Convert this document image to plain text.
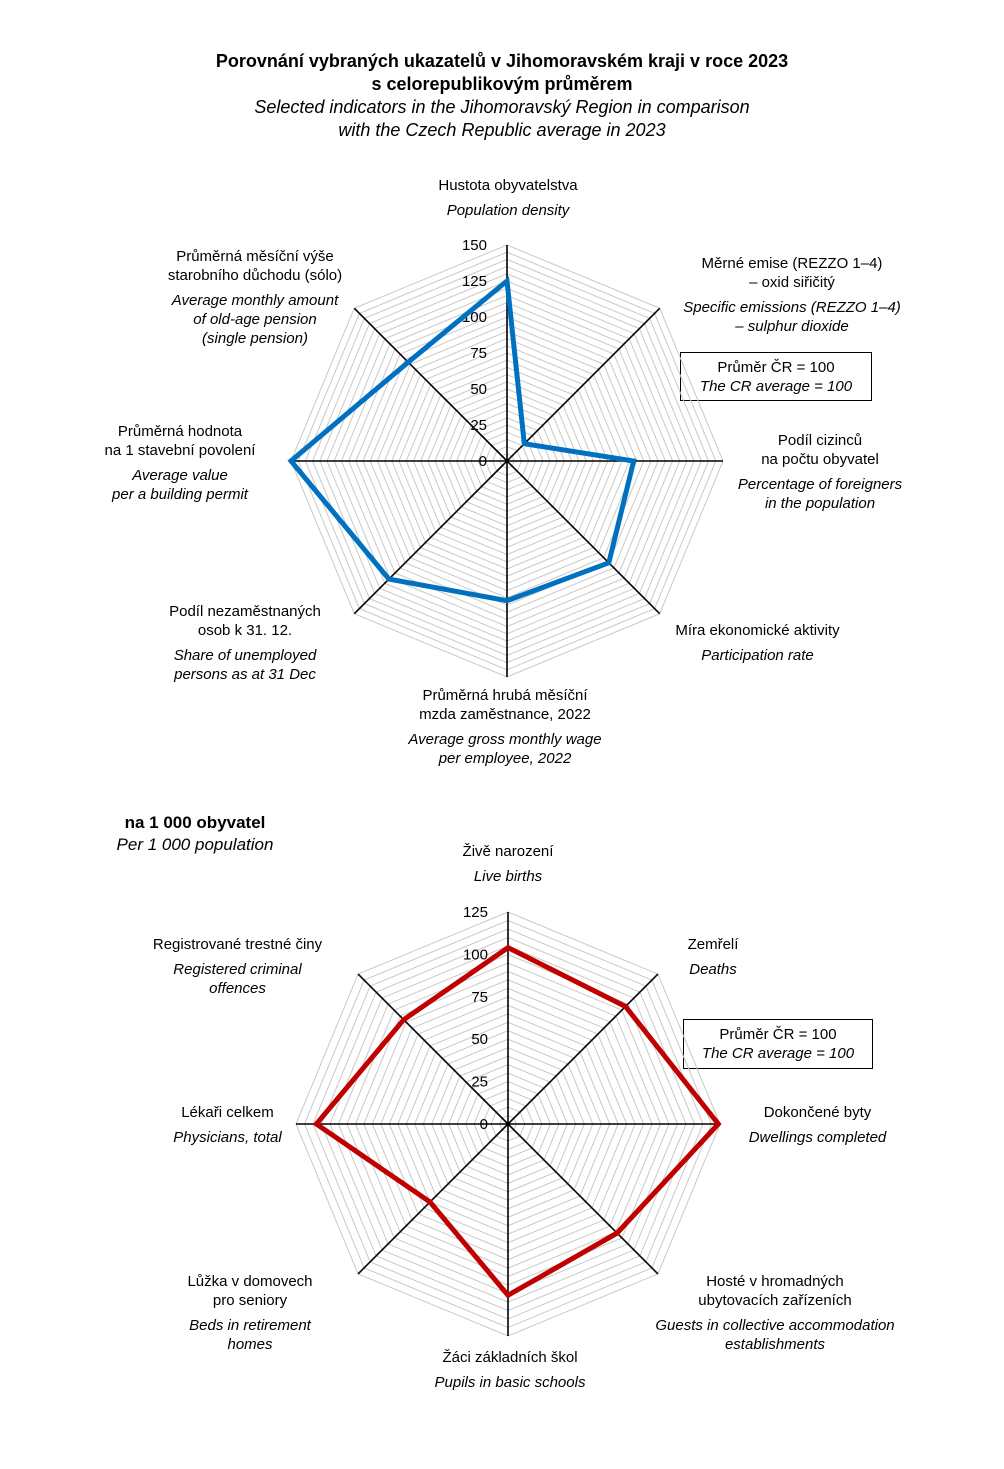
Porovnání vybraných ukazatelů v Jihomoravském kraji v roce 2023
s celorepublikovým průměrem
Selected indicators in the Jihomoravský Region in comparison
with the Czech Republic average in 2023
na 1 000 obyvatel
Per 1 000 population
Průměr ČR = 100
The CR average = 100
Průměr ČR = 100
The CR average = 100
0
25
50
75
100
125
150
0
25
50
75
100
125
Hustota obyvatelstva
Population density
Měrné emise (REZZO 1–4)
– oxid siřičitý
Specific emissions (REZZO 1–4)
– sulphur dioxide
Podíl cizinců
na počtu obyvatel
Percentage of foreigners
in the population
Míra ekonomické aktivity
Participation rate
Průměrná hrubá měsíční
mzda zaměstnance, 2022
Average gross monthly wage
per employee, 2022
Podíl nezaměstnaných
osob k 31. 12.
Share of unemployed
persons as at 31 Dec
Průměrná hodnota
na 1 stavební povolení
Average value
per a building permit
Průměrná měsíční výše
starobního důchodu (sólo)
Average monthly amount
of old-age pension
(single pension)
Živě narození
Live births
Zemřelí
Deaths
Dokončené byty
Dwellings completed
Hosté v hromadných
ubytovacích zařízeních
Guests in collective accommodation
establishments
Žáci základních škol
Pupils in basic schools
Lůžka v domovech
pro seniory
Beds in retirement
homes
Lékaři celkem
Physicians, total
Registrované trestné činy
Registered criminal
offences
